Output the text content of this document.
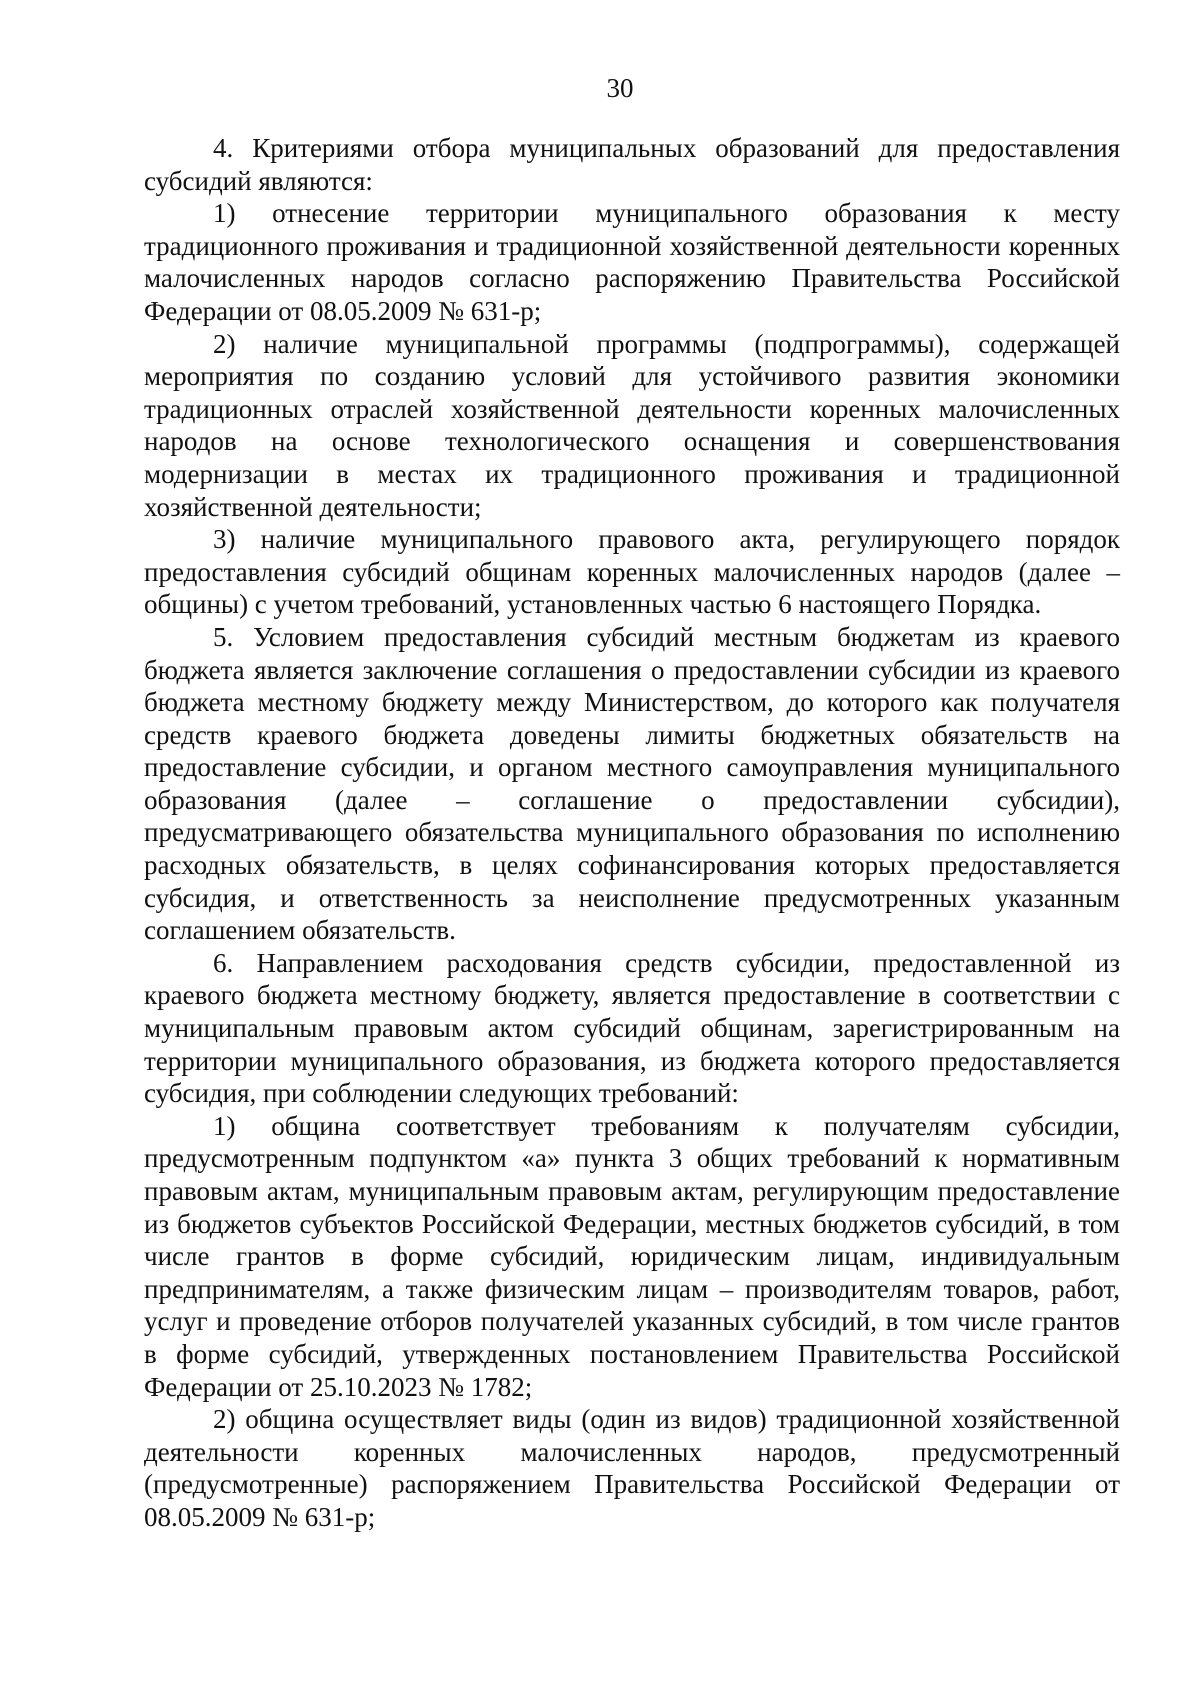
30

4. Критериями отбора муниципальных образований для предоставления субсидий являются:

1) отнесение территории муниципального образования к месту традиционного проживания и традиционной хозяйственной деятельности коренных малочисленных народов согласно распоряжению Правительства Российской Федерации от 08.05.2009 № 631-р;

2) наличие муниципальной программы (подпрограммы), содержащей мероприятия по созданию условий для устойчивого развития экономики традиционных отраслей хозяйственной деятельности коренных малочисленных народов на основе технологического оснащения и совершенствования модернизации в местах их традиционного проживания и традиционной хозяйственной деятельности;

3) наличие муниципального правового акта, регулирующего порядок предоставления субсидий общинам коренных малочисленных народов (далее – общины) с учетом требований, установленных частью 6 настоящего Порядка.

5. Условием предоставления субсидий местным бюджетам из краевого бюджета является заключение соглашения о предоставлении субсидии из краевого бюджета местному бюджету между Министерством, до которого как получателя средств краевого бюджета доведены лимиты бюджетных обязательств на предоставление субсидии, и органом местного самоуправления муниципального образования (далее – соглашение о предоставлении субсидии), предусматривающего обязательства муниципального образования по исполнению расходных обязательств, в целях софинансирования которых предоставляется субсидия, и ответственность за неисполнение предусмотренных указанным соглашением обязательств.

6. Направлением расходования средств субсидии, предоставленной из краевого бюджета местному бюджету, является предоставление в соответствии с муниципальным правовым актом субсидий общинам, зарегистрированным на территории муниципального образования, из бюджета которого предоставляется субсидия, при соблюдении следующих требований:

1) община соответствует требованиям к получателям субсидии, предусмотренным подпунктом «а» пункта 3 общих требований к нормативным правовым актам, муниципальным правовым актам, регулирующим предоставление из бюджетов субъектов Российской Федерации, местных бюджетов субсидий, в том числе грантов в форме субсидий, юридическим лицам, индивидуальным предпринимателям, а также физическим лицам – производителям товаров, работ, услуг и проведение отборов получателей указанных субсидий, в том числе грантов в форме субсидий, утвержденных постановлением Правительства Российской Федерации от 25.10.2023 № 1782;

2) община осуществляет виды (один из видов) традиционной хозяйственной деятельности коренных малочисленных народов, предусмотренный (предусмотренные) распоряжением Правительства Российской Федерации от 08.05.2009 № 631-р;
